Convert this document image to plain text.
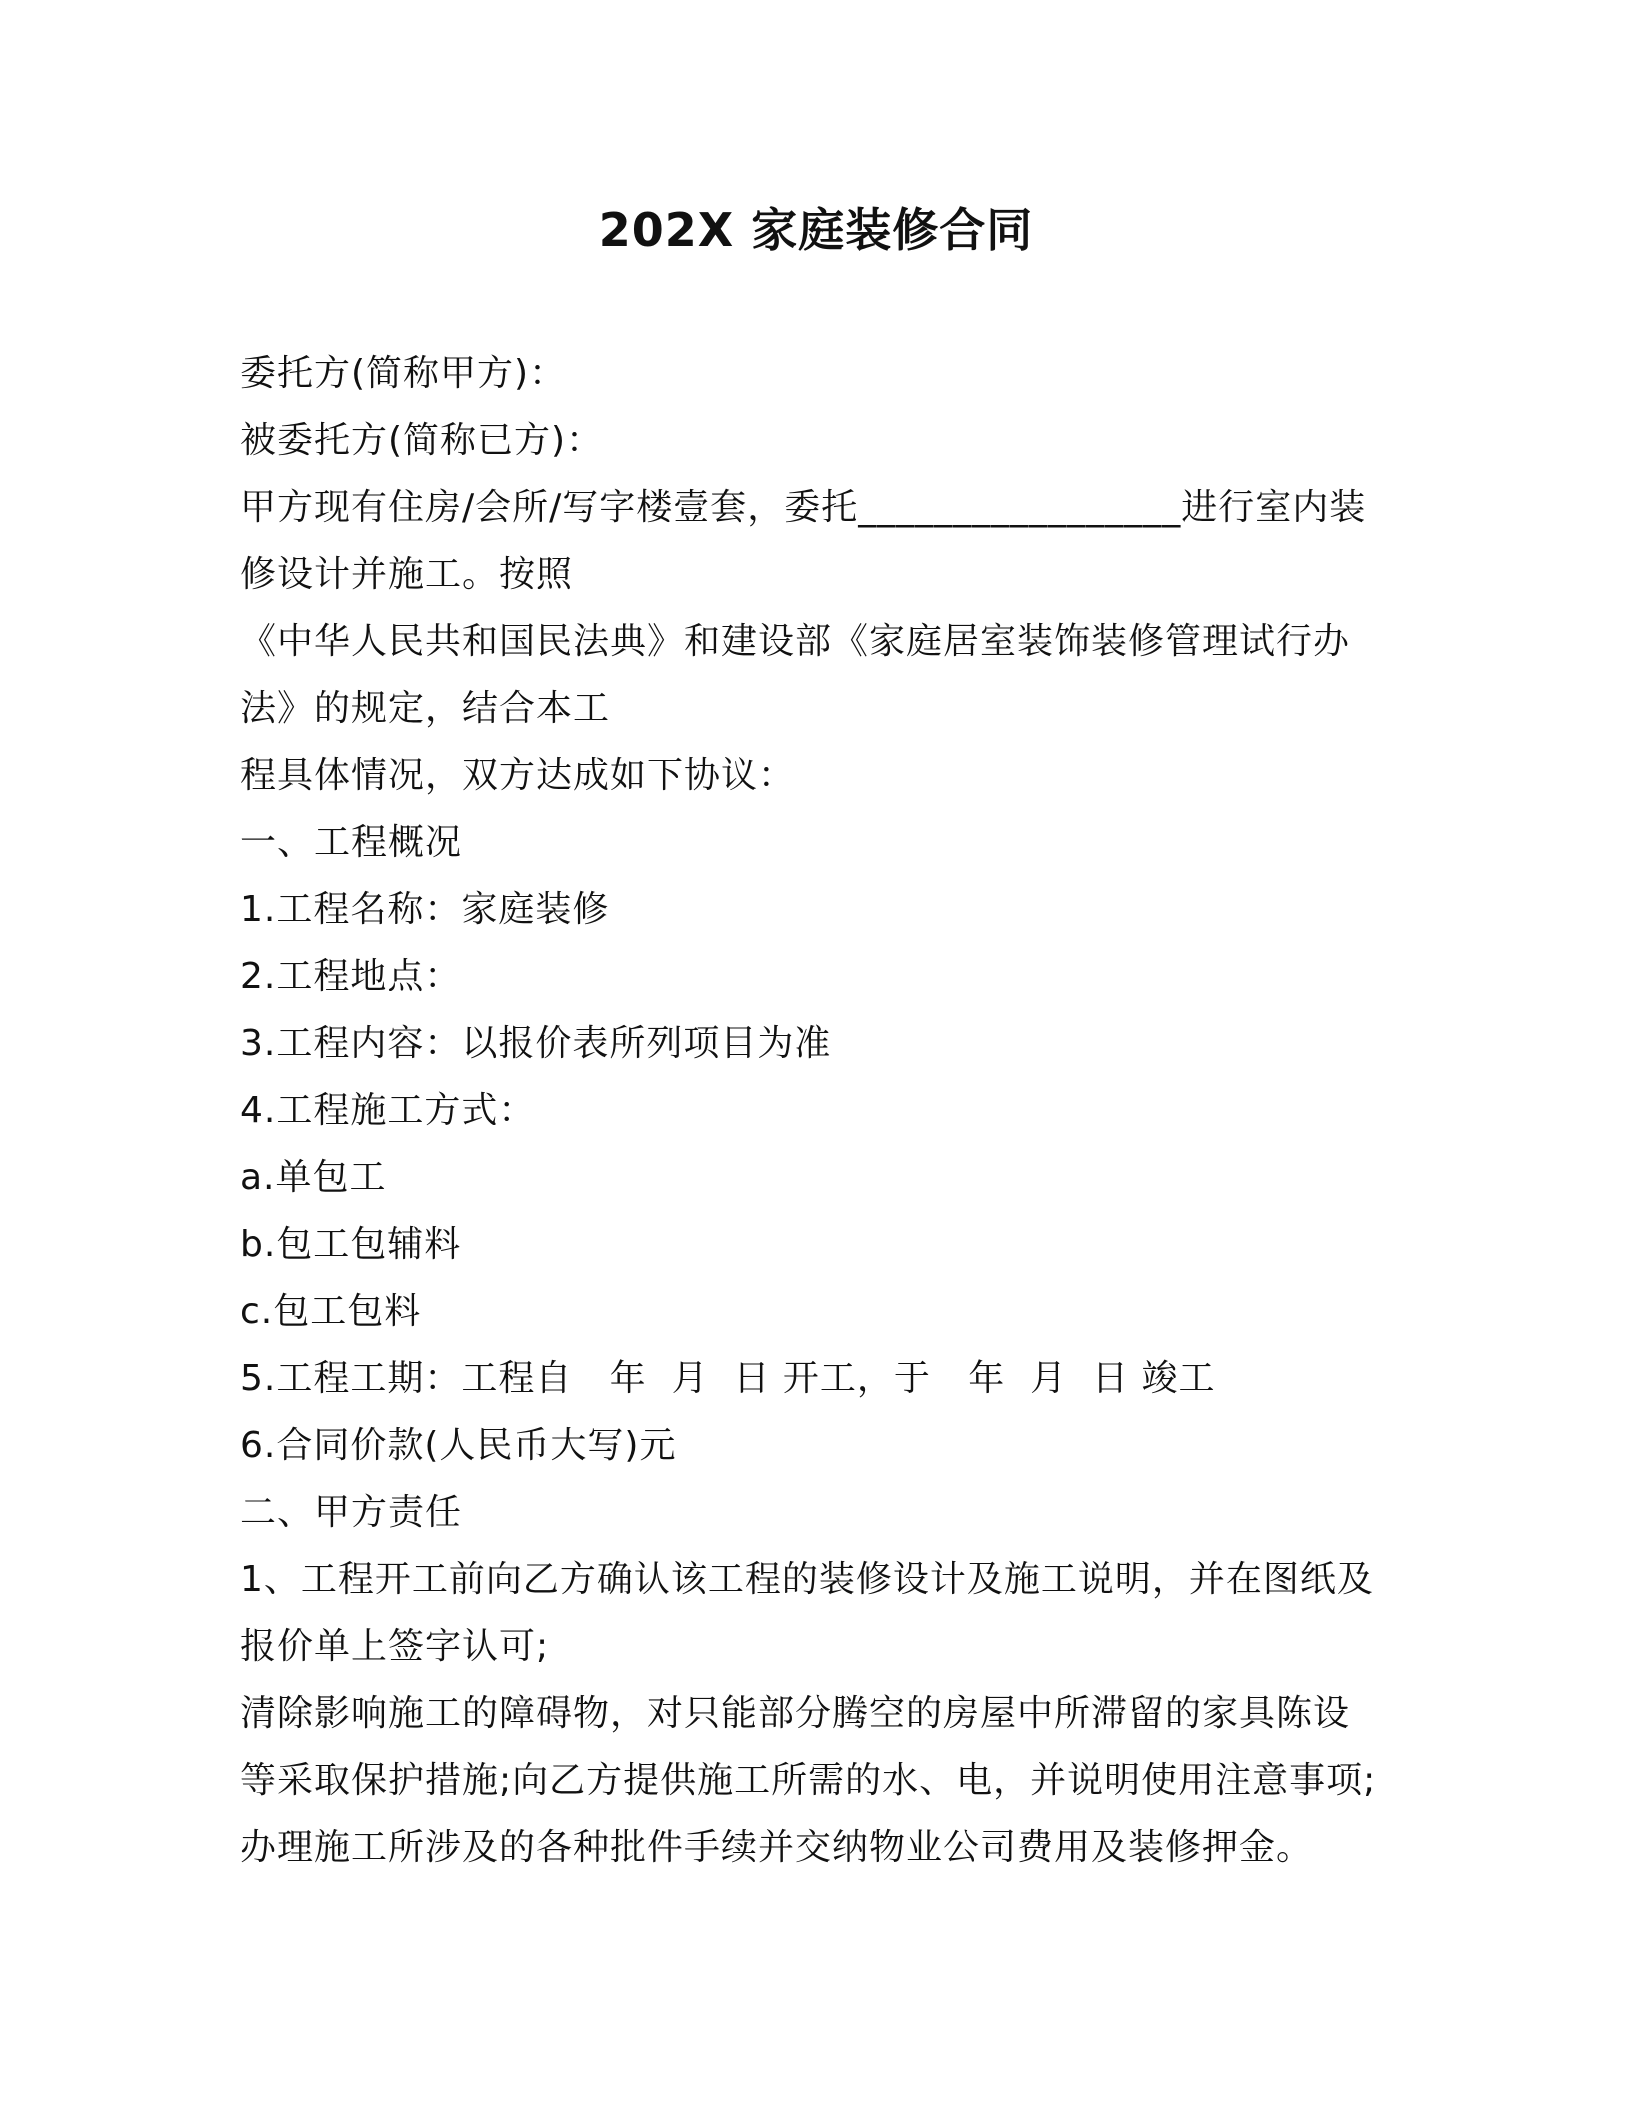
202X 家庭装修合同
委托方(简称甲方)：
被委托方(简称已方)：
甲方现有住房/会所/写字楼壹套，委托_________________进行室内装
修设计并施工。按照
《中华人民共和国民法典》和建设部《家庭居室装饰装修管理试行办
法》的规定，结合本工
程具体情况，双方达成如下协议：
一、工程概况
1.工程名称：家庭装修
2.工程地点：
3.工程内容：以报价表所列项目为准
4.工程施工方式：
a.单包工
b.包工包辅料
c.包工包料
5.工程工期：工程自   年  月  日 开工，于   年  月  日 竣工
6.合同价款(人民币大写)元
二、甲方责任
1、工程开工前向乙方确认该工程的装修设计及施工说明，并在图纸及
报价单上签字认可;
清除影响施工的障碍物，对只能部分腾空的房屋中所滞留的家具陈设
等采取保护措施;向乙方提供施工所需的水、电，并说明使用注意事项;
办理施工所涉及的各种批件手续并交纳物业公司费用及装修押金。
